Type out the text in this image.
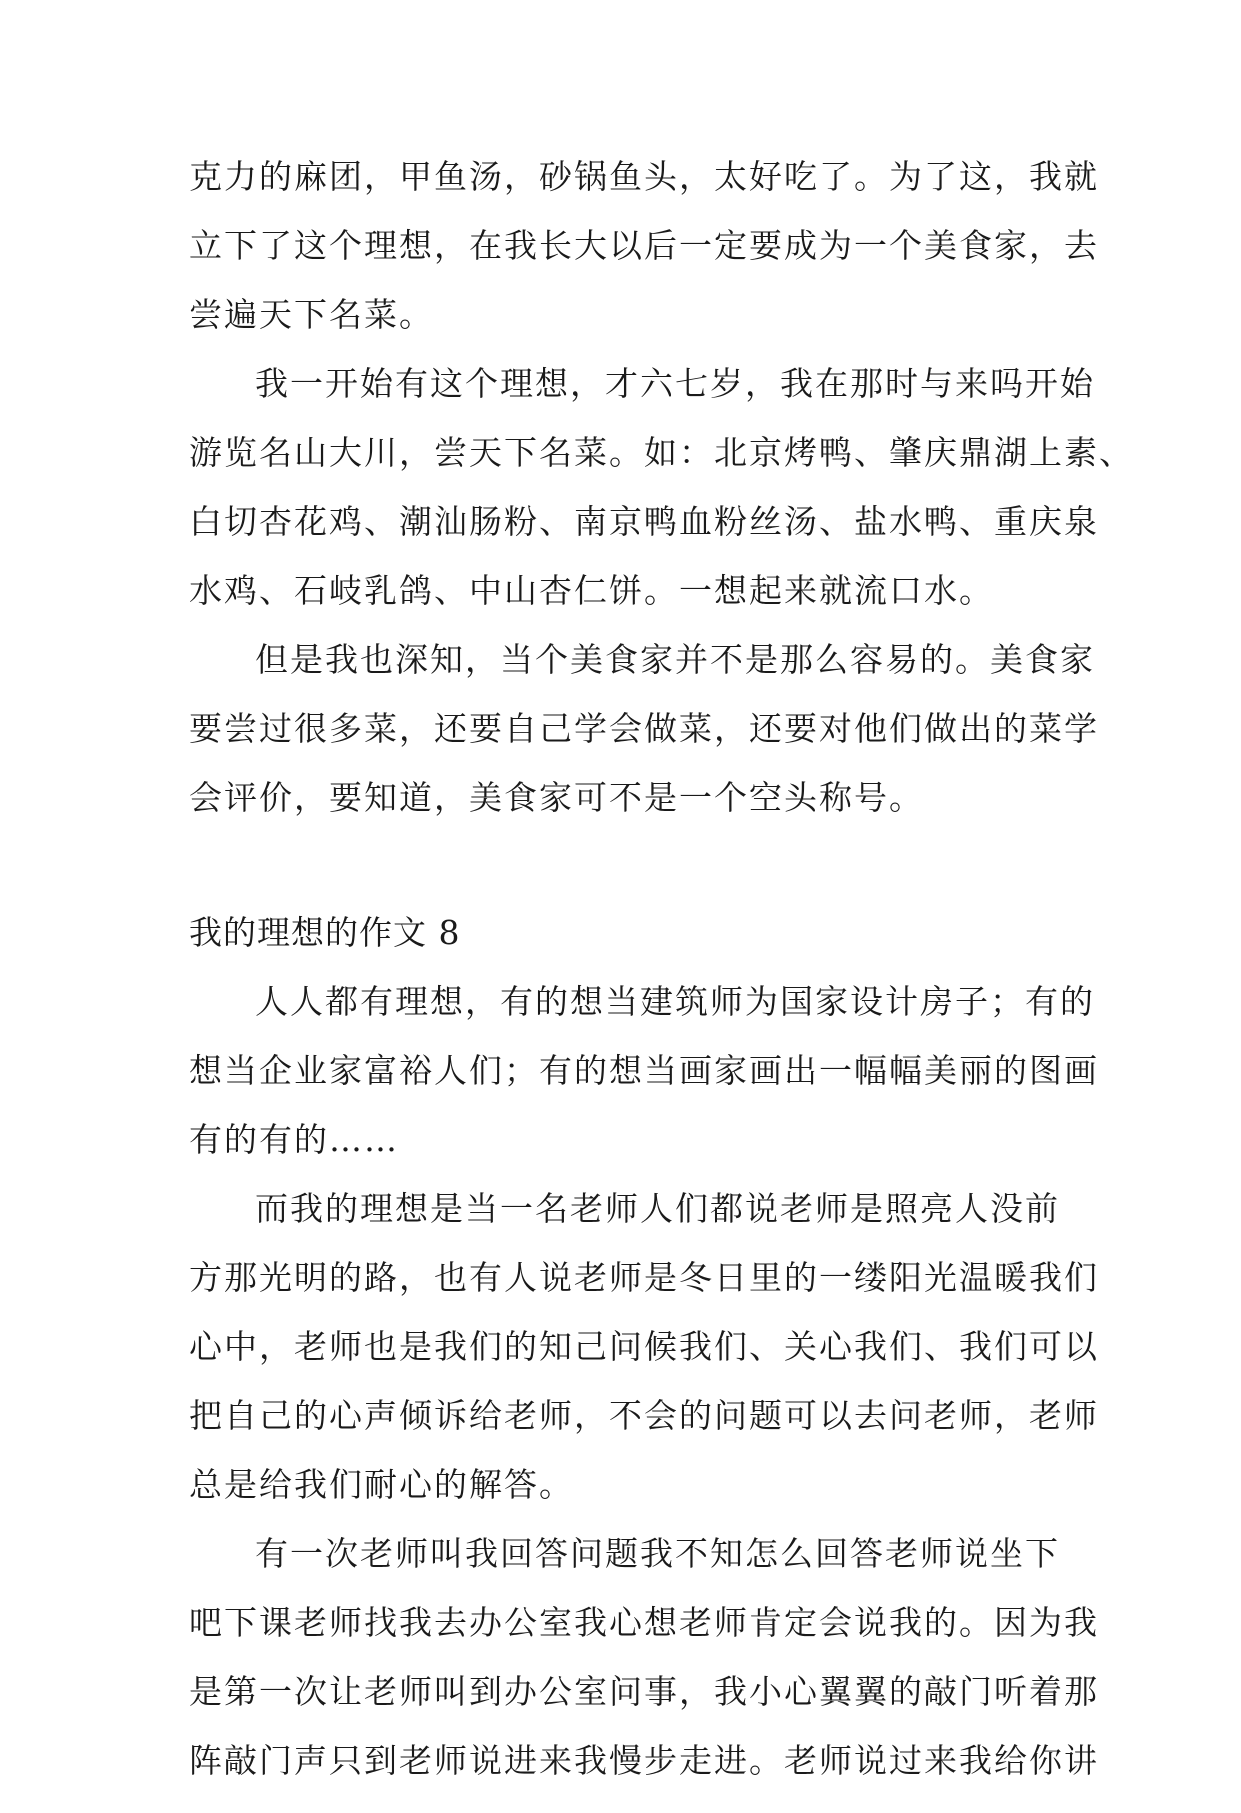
克力的麻团，甲鱼汤，砂锅鱼头，太好吃了。为了这，我就
立下了这个理想，在我长大以后一定要成为一个美食家，去
尝遍天下名菜。
我一开始有这个理想，才六七岁，我在那时与来吗开始
游览名山大川，尝天下名菜。如：北京烤鸭、肇庆鼎湖上素、
白切杏花鸡、潮汕肠粉、南京鸭血粉丝汤、盐水鸭、重庆泉
水鸡、石岐乳鸽、中山杏仁饼。一想起来就流口水。
但是我也深知，当个美食家并不是那么容易的。美食家
要尝过很多菜，还要自己学会做菜，还要对他们做出的菜学
会评价，要知道，美食家可不是一个空头称号。
我的理想的作文 8
人人都有理想，有的想当建筑师为国家设计房子；有的
想当企业家富裕人们；有的想当画家画出一幅幅美丽的图画
有的有的……
而我的理想是当一名老师人们都说老师是照亮人没前
方那光明的路，也有人说老师是冬日里的一缕阳光温暖我们
心中，老师也是我们的知己问候我们、关心我们、我们可以
把自己的心声倾诉给老师，不会的问题可以去问老师，老师
总是给我们耐心的解答。
有一次老师叫我回答问题我不知怎么回答老师说坐下
吧下课老师找我去办公室我心想老师肯定会说我的。因为我
是第一次让老师叫到办公室问事，我小心翼翼的敲门听着那
阵敲门声只到老师说进来我慢步走进。老师说过来我给你讲
